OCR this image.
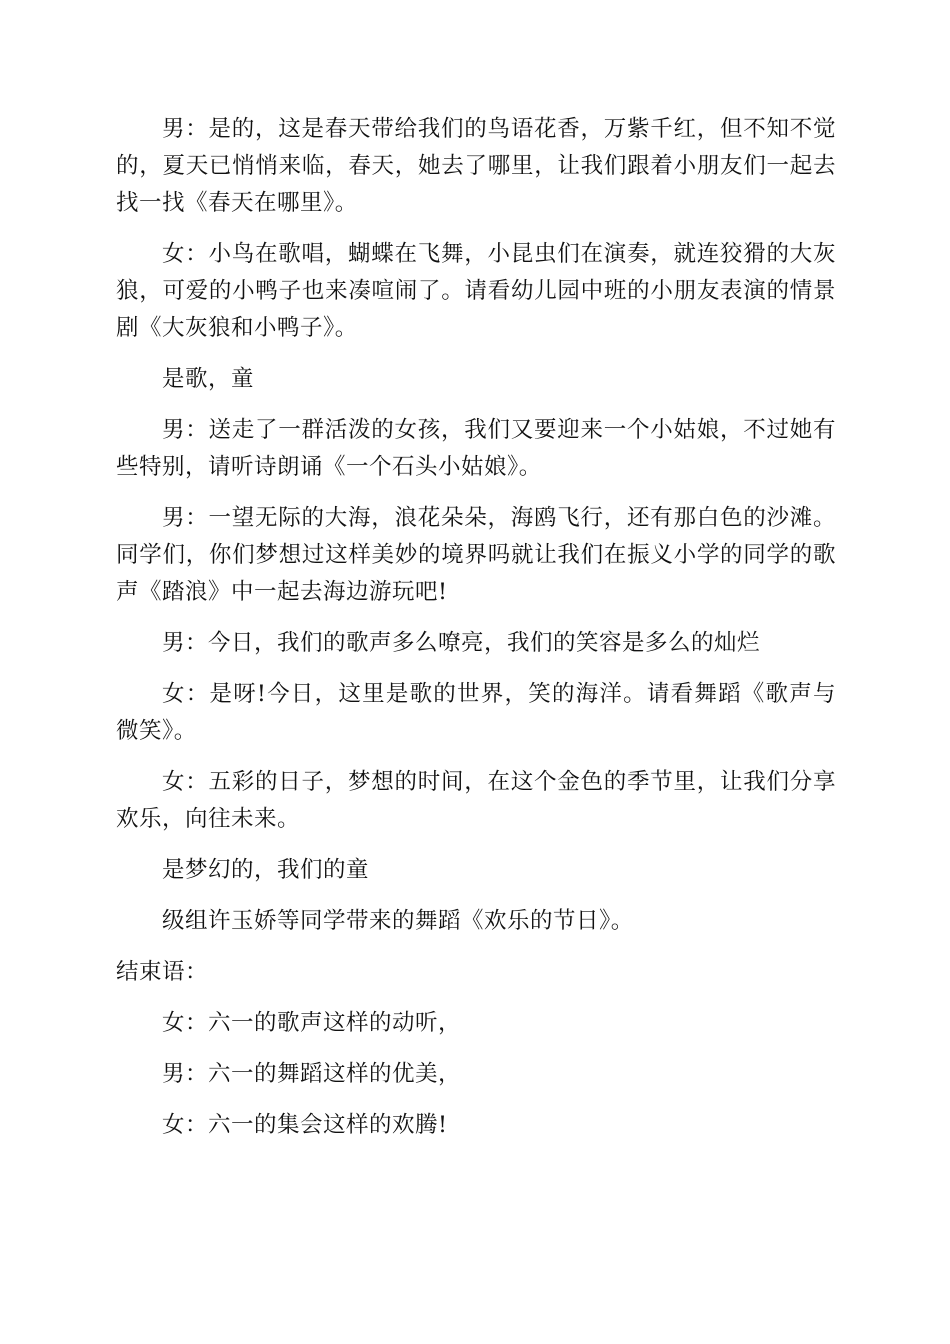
男：是的，这是春天带给我们的鸟语花香，万紫千红，但不知不觉的，夏天已悄悄来临，春天，她去了哪里，让我们跟着小朋友们一起去找一找《春天在哪里》。

女：小鸟在歌唱，蝴蝶在飞舞，小昆虫们在演奏，就连狡猾的大灰狼，可爱的小鸭子也来凑喧闹了。请看幼儿园中班的小朋友表演的情景剧《大灰狼和小鸭子》。

是歌，童

男：送走了一群活泼的女孩，我们又要迎来一个小姑娘，不过她有些特别，请听诗朗诵《一个石头小姑娘》。

男：一望无际的大海，浪花朵朵，海鸥飞行，还有那白色的沙滩。同学们，你们梦想过这样美妙的境界吗就让我们在振义小学的同学的歌声《踏浪》中一起去海边游玩吧!

男：今日，我们的歌声多么嘹亮，我们的笑容是多么的灿烂

女：是呀!今日，这里是歌的世界，笑的海洋。请看舞蹈《歌声与微笑》。

女：五彩的日子，梦想的时间，在这个金色的季节里，让我们分享欢乐，向往未来。

是梦幻的，我们的童

级组许玉娇等同学带来的舞蹈《欢乐的节日》。

结束语：

女：六一的歌声这样的动听，

男：六一的舞蹈这样的优美，

女：六一的集会这样的欢腾!
